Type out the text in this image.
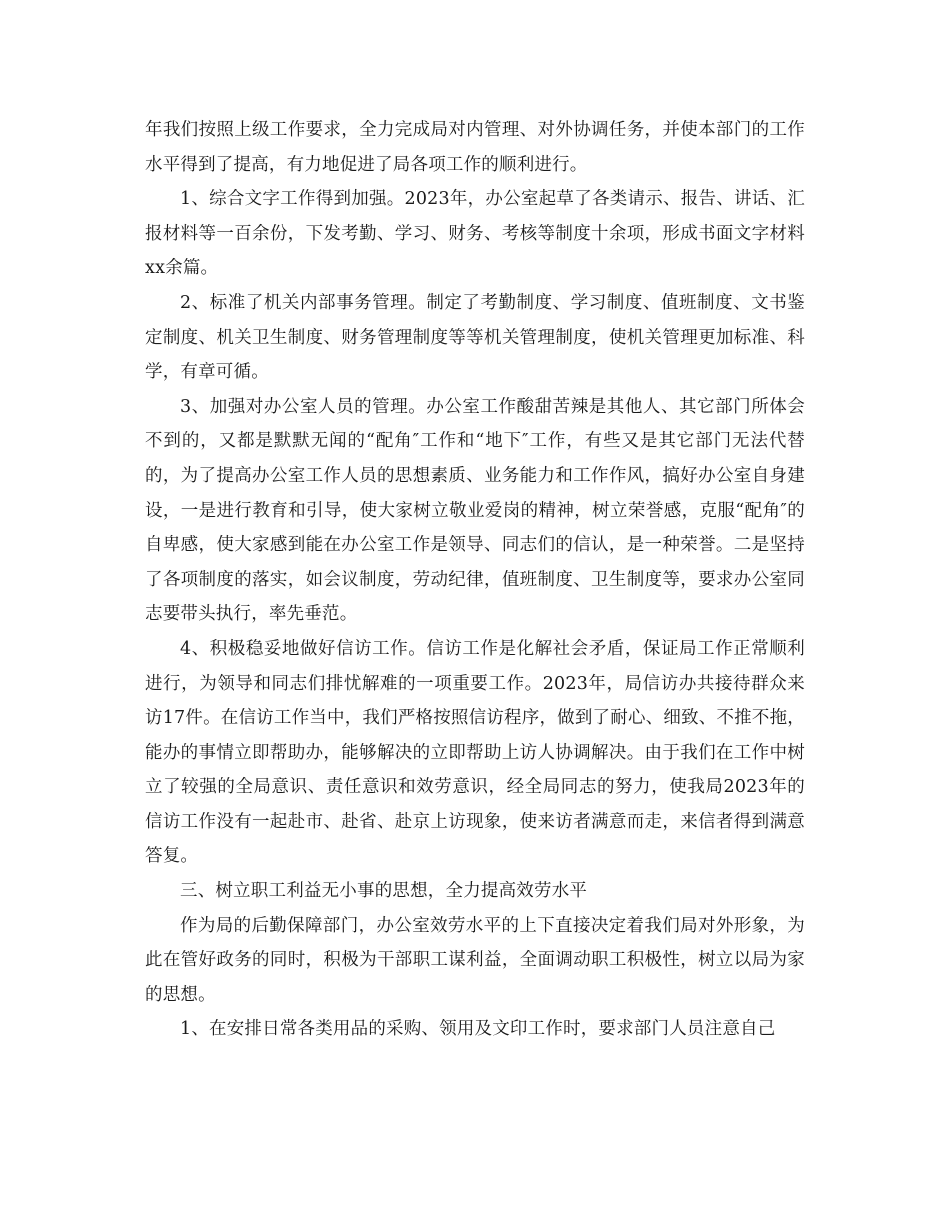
年我们按照上级工作要求，全力完成局对内管理、对外协调任务，并使本部门的工作水平得到了提高，有力地促进了局各项工作的顺利进行。

1、综合文字工作得到加强。2023年，办公室起草了各类请示、报告、讲话、汇报材料等一百余份，下发考勤、学习、财务、考核等制度十余项，形成书面文字材料xx余篇。

2、标准了机关内部事务管理。制定了考勤制度、学习制度、值班制度、文书鉴定制度、机关卫生制度、财务管理制度等等机关管理制度，使机关管理更加标准、科学，有章可循。

3、加强对办公室人员的管理。办公室工作酸甜苦辣是其他人、其它部门所体会不到的，又都是默默无闻的“配角″工作和“地下″工作，有些又是其它部门无法代替的，为了提高办公室工作人员的思想素质、业务能力和工作作风，搞好办公室自身建设，一是进行教育和引导，使大家树立敬业爱岗的精神，树立荣誉感，克服“配角″的自卑感，使大家感到能在办公室工作是领导、同志们的信认，是一种荣誉。二是坚持了各项制度的落实，如会议制度，劳动纪律，值班制度、卫生制度等，要求办公室同志要带头执行，率先垂范。

4、积极稳妥地做好信访工作。信访工作是化解社会矛盾，保证局工作正常顺利进行，为领导和同志们排忧解难的一项重要工作。2023年，局信访办共接待群众来访17件。在信访工作当中，我们严格按照信访程序，做到了耐心、细致、不推不拖，能办的事情立即帮助办，能够解决的立即帮助上访人协调解决。由于我们在工作中树立了较强的全局意识、责任意识和效劳意识，经全局同志的努力，使我局2023年的信访工作没有一起赴市、赴省、赴京上访现象，使来访者满意而走，来信者得到满意答复。

三、树立职工利益无小事的思想，全力提高效劳水平

作为局的后勤保障部门，办公室效劳水平的上下直接决定着我们局对外形象，为此在管好政务的同时，积极为干部职工谋利益，全面调动职工积极性，树立以局为家的思想。

1、在安排日常各类用品的采购、领用及文印工作时，要求部门人员注意自己
